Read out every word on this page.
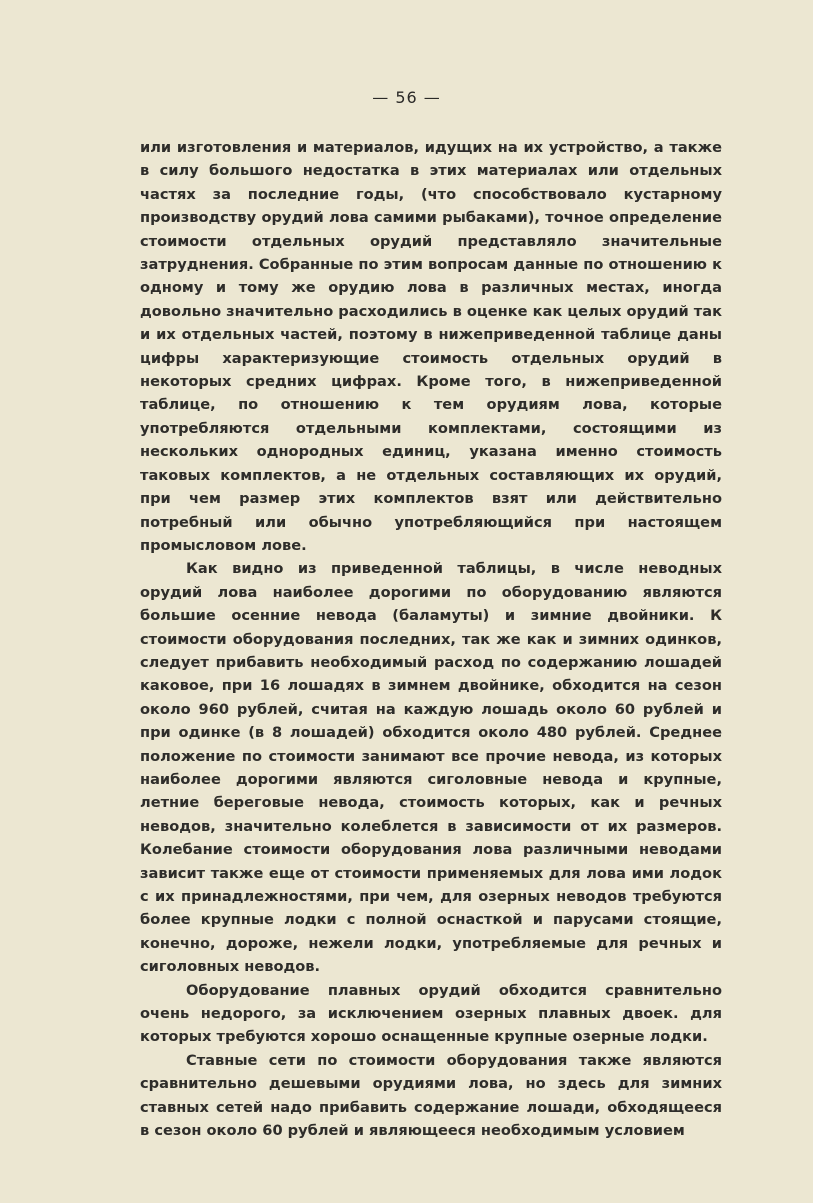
— 56 —

или изготовления и материалов, идущих на их устройство, а также в силу большого недостатка в этих материалах или отдельных частях за последние годы, (что способствовало кустарному производству орудий лова самими рыбаками), точное определение стоимости отдельных орудий представляло значительные затруднения. Собранные по этим вопросам данные по отношению к одному и тому же орудию лова в различных местах, иногда довольно значительно расходились в оценке как целых орудий так и их отдельных частей, поэтому в нижеприведенной таблице даны цифры характеризующие стоимость отдельных орудий в некоторых средних цифрах. Кроме того, в нижеприведенной таблице, по отношению к тем орудиям лова, которые употребляются отдельными комплектами, состоящими из нескольких однородных единиц, указана именно стоимость таковых комплектов, а не отдельных составляющих их орудий, при чем размер этих комплектов взят или действительно потребный или обычно употребляющийся при настоящем промысловом лове.

Как видно из приведенной таблицы, в числе неводных орудий лова наиболее дорогими по оборудованию являются большие осенние невода (баламуты) и зимние двойники. К стоимости оборудования последних, так же как и зимних одинков, следует прибавить необходимый расход по содержанию лошадей каковое, при 16 лошадях в зимнем двойнике, обходится на сезон около 960 рублей, считая на каждую лошадь около 60 рублей и при одинке (в 8 лошадей) обходится около 480 рублей. Среднее положение по стоимости занимают все прочие невода, из которых наиболее дорогими являются сиголовные невода и крупные, летние береговые невода, стоимость которых, как и речных неводов, значительно колеблется в зависимости от их размеров. Колебание стоимости оборудования лова различными неводами зависит также еще от стоимости применяемых для лова ими лодок с их принадлежностями, при чем, для озерных неводов требуются более крупные лодки с полной оснасткой и парусами стоящие, конечно, дороже, нежели лодки, употребляемые для речных и сиголовных неводов.

Оборудование плавных орудий обходится сравнительно очень недорого, за исключением озерных плавных двоек. для которых требуются хорошо оснащенные крупные озерные лодки.

Ставные сети по стоимости оборудования также являются сравнительно дешевыми орудиями лова, но здесь для зимних ставных сетей надо прибавить содержание лошади, обходящееся в сезон около 60 рублей и являющееся необходимым условием
